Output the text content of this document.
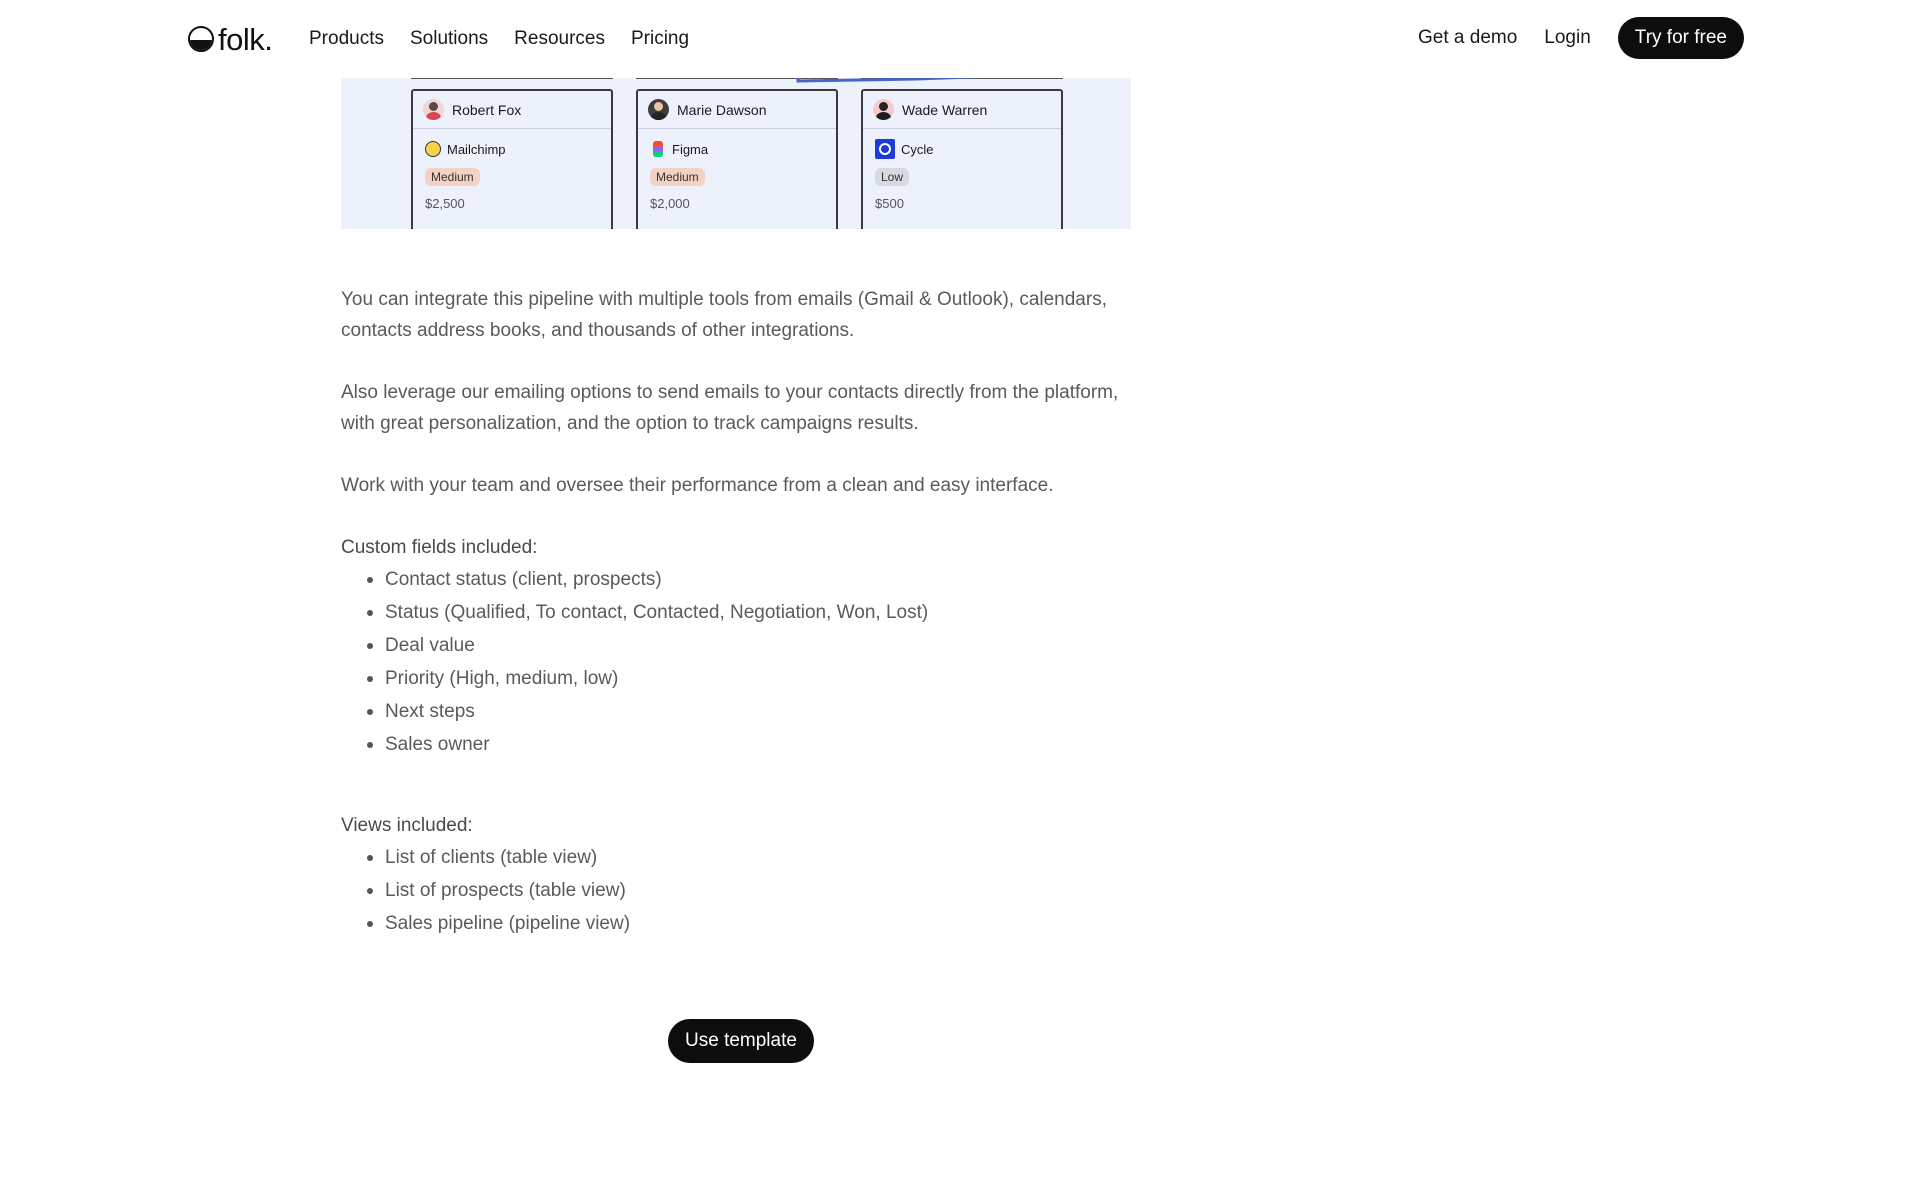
folk. Products Solutions Resources Pricing	Get a demo Login	Try for free
Robert Fox
Mailchimp
Medium
$2,500
Marie Dawson
Figma
Medium
$2,000
Wade Warren
Cycle
Low
$500

You can integrate this pipeline with multiple tools from emails (Gmail & Outlook), calendars, contacts address books, and thousands of other integrations.

Also leverage our emailing options to send emails to your contacts directly from the platform, with great personalization, and the option to track campaigns results.

Work with your team and oversee their performance from a clean and easy interface.

Custom fields included:
Contact status (client, prospects)
Status (Qualified, To contact, Contacted, Negotiation, Won, Lost)
Deal value
Priority (High, medium, low)
Next steps
Sales owner
Views included:
List of clients (table view)
List of prospects (table view)
Sales pipeline (pipeline view)
Use template
